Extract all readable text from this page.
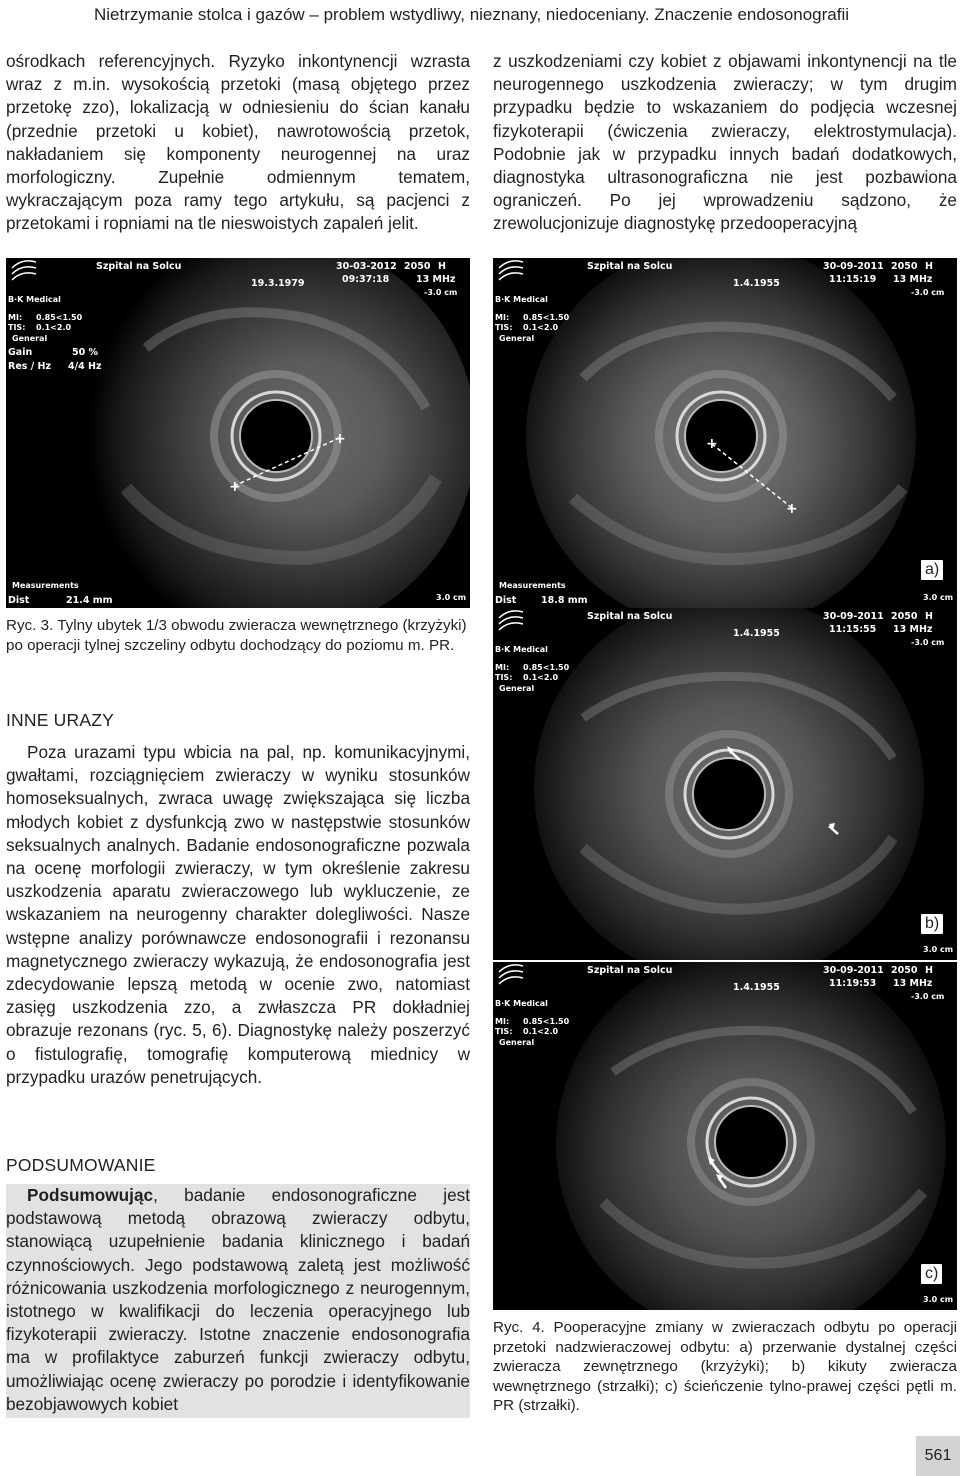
Nietrzymanie stolca i gazów – problem wstydliwy, nieznany, niedoceniany. Znaczenie endosonografii

ośrodkach referencyjnych. Ryzyko inkontynencji wzrasta wraz z m.in. wysokością przetoki (masą objętego przez przetokę zzo), lokalizacją w odniesieniu do ścian kanału (przednie przetoki u kobiet), nawrotowością przetok, nakładaniem się komponenty neurogennej na uraz morfologiczny. Zupełnie odmiennym tematem, wykraczającym poza ramy tego artykułu, są pacjenci z przetokami i ropniami na tle nieswoistych zapaleń jelit.

z uszkodzeniami czy kobiet z objawami inkontynencji na tle neurogennego uszkodzenia zwieraczy; w tym drugim przypadku będzie to wskazaniem do podjęcia wczesnej fizykoterapii (ćwiczenia zwieraczy, elektrostymulacja). Podobnie jak w przypadku innych badań dodatkowych, diagnostyka ultrasonograficzna nie jest pozbawiona ograniczeń. Po jej wprowadzeniu sądzono, że zrewolucjonizuje diagnostykę przedooperacyjną

+
+
B·K Medical
Szpital na Solcu
19.3.1979
30-03-2012
09:37:18
2050 H
13 MHz
-3.0 cm
MI: 0.85<1.50
TIS: 0.1<2.0
General
Gain	50 %
Res / Hz 4/4 Hz
Measurements
Dist	21.4 mm	3.0 cm
Ryc. 3. Tylny ubytek 1/3 obwodu zwieracza wewnętrznego (krzyżyki) po operacji tylnej szczeliny odbytu dochodzący do poziomu m. PR.
INNE URAZY

Poza urazami typu wbicia na pal, np. komunikacyjnymi, gwałtami, rozciągnięciem zwieraczy w wyniku stosunków homoseksualnych, zwraca uwagę zwiększająca się liczba młodych kobiet z dysfunkcją zwo w następstwie stosunków seksualnych analnych. Badanie endosonograficzne pozwala na ocenę morfologii zwieraczy, w tym określenie zakresu uszkodzenia aparatu zwieraczowego lub wykluczenie, ze wskazaniem na neurogenny charakter dolegliwości. Nasze wstępne analizy porównawcze endosonografii i rezonansu magnetycznego zwieraczy wykazują, że endosonografia jest zdecydowanie lepszą metodą w ocenie zwo, natomiast zasięg uszkodzenia zzo, a zwłaszcza PR dokładniej obrazuje rezonans (ryc. 5, 6). Diagnostykę należy poszerzyć o fistulografię, tomografię komputerową miednicy w przypadku urazów penetrujących.

PODSUMOWANIE

Podsumowując, badanie endosonograficzne jest podstawową metodą obrazową zwieraczy odbytu, stanowiącą uzupełnienie badania klinicznego i badań czynnościowych. Jego podstawową zaletą jest możliwość różnicowania uszkodzenia morfologicznego z neurogennym, istotnego w kwalifikacji do leczenia operacyjnego lub fizykoterapii zwieraczy. Istotne znaczenie endosonografia ma w profilaktyce zaburzeń funkcji zwieraczy odbytu, umożliwiając ocenę zwieraczy po porodzie i identyfikowanie bezobjawowych kobiet

+
+
B·K Medical
Szpital na Solcu
1.4.1955
30-09-2011
11:15:19
2050 H
13 MHz
-3.0 cm
MI: 0.85<1.50
TIS: 0.1<2.0
General
Measurements
Dist	18.8 mm	3.0 cm
a)
B·K Medical
Szpital na Solcu
1.4.1955
30-09-2011
11:15:55
2050 H
13 MHz
-3.0 cm
MI: 0.85<1.50
TIS: 0.1<2.0
General
3.0 cm
b)
B·K Medical
Szpital na Solcu
1.4.1955
30-09-2011
11:19:53
2050 H
13 MHz
-3.0 cm
MI: 0.85<1.50
TIS: 0.1<2.0
General
3.0 cm
c)
Ryc. 4. Pooperacyjne zmiany w zwieraczach odbytu po operacji przetoki nadzwieraczowej odbytu: a) przerwanie dystalnej części zwieracza zewnętrznego (krzyżyki); b) kikuty zwieracza wewnętrznego (strzałki); c) ścieńczenie tylno-prawej części pętli m. PR (strzałki).
561
